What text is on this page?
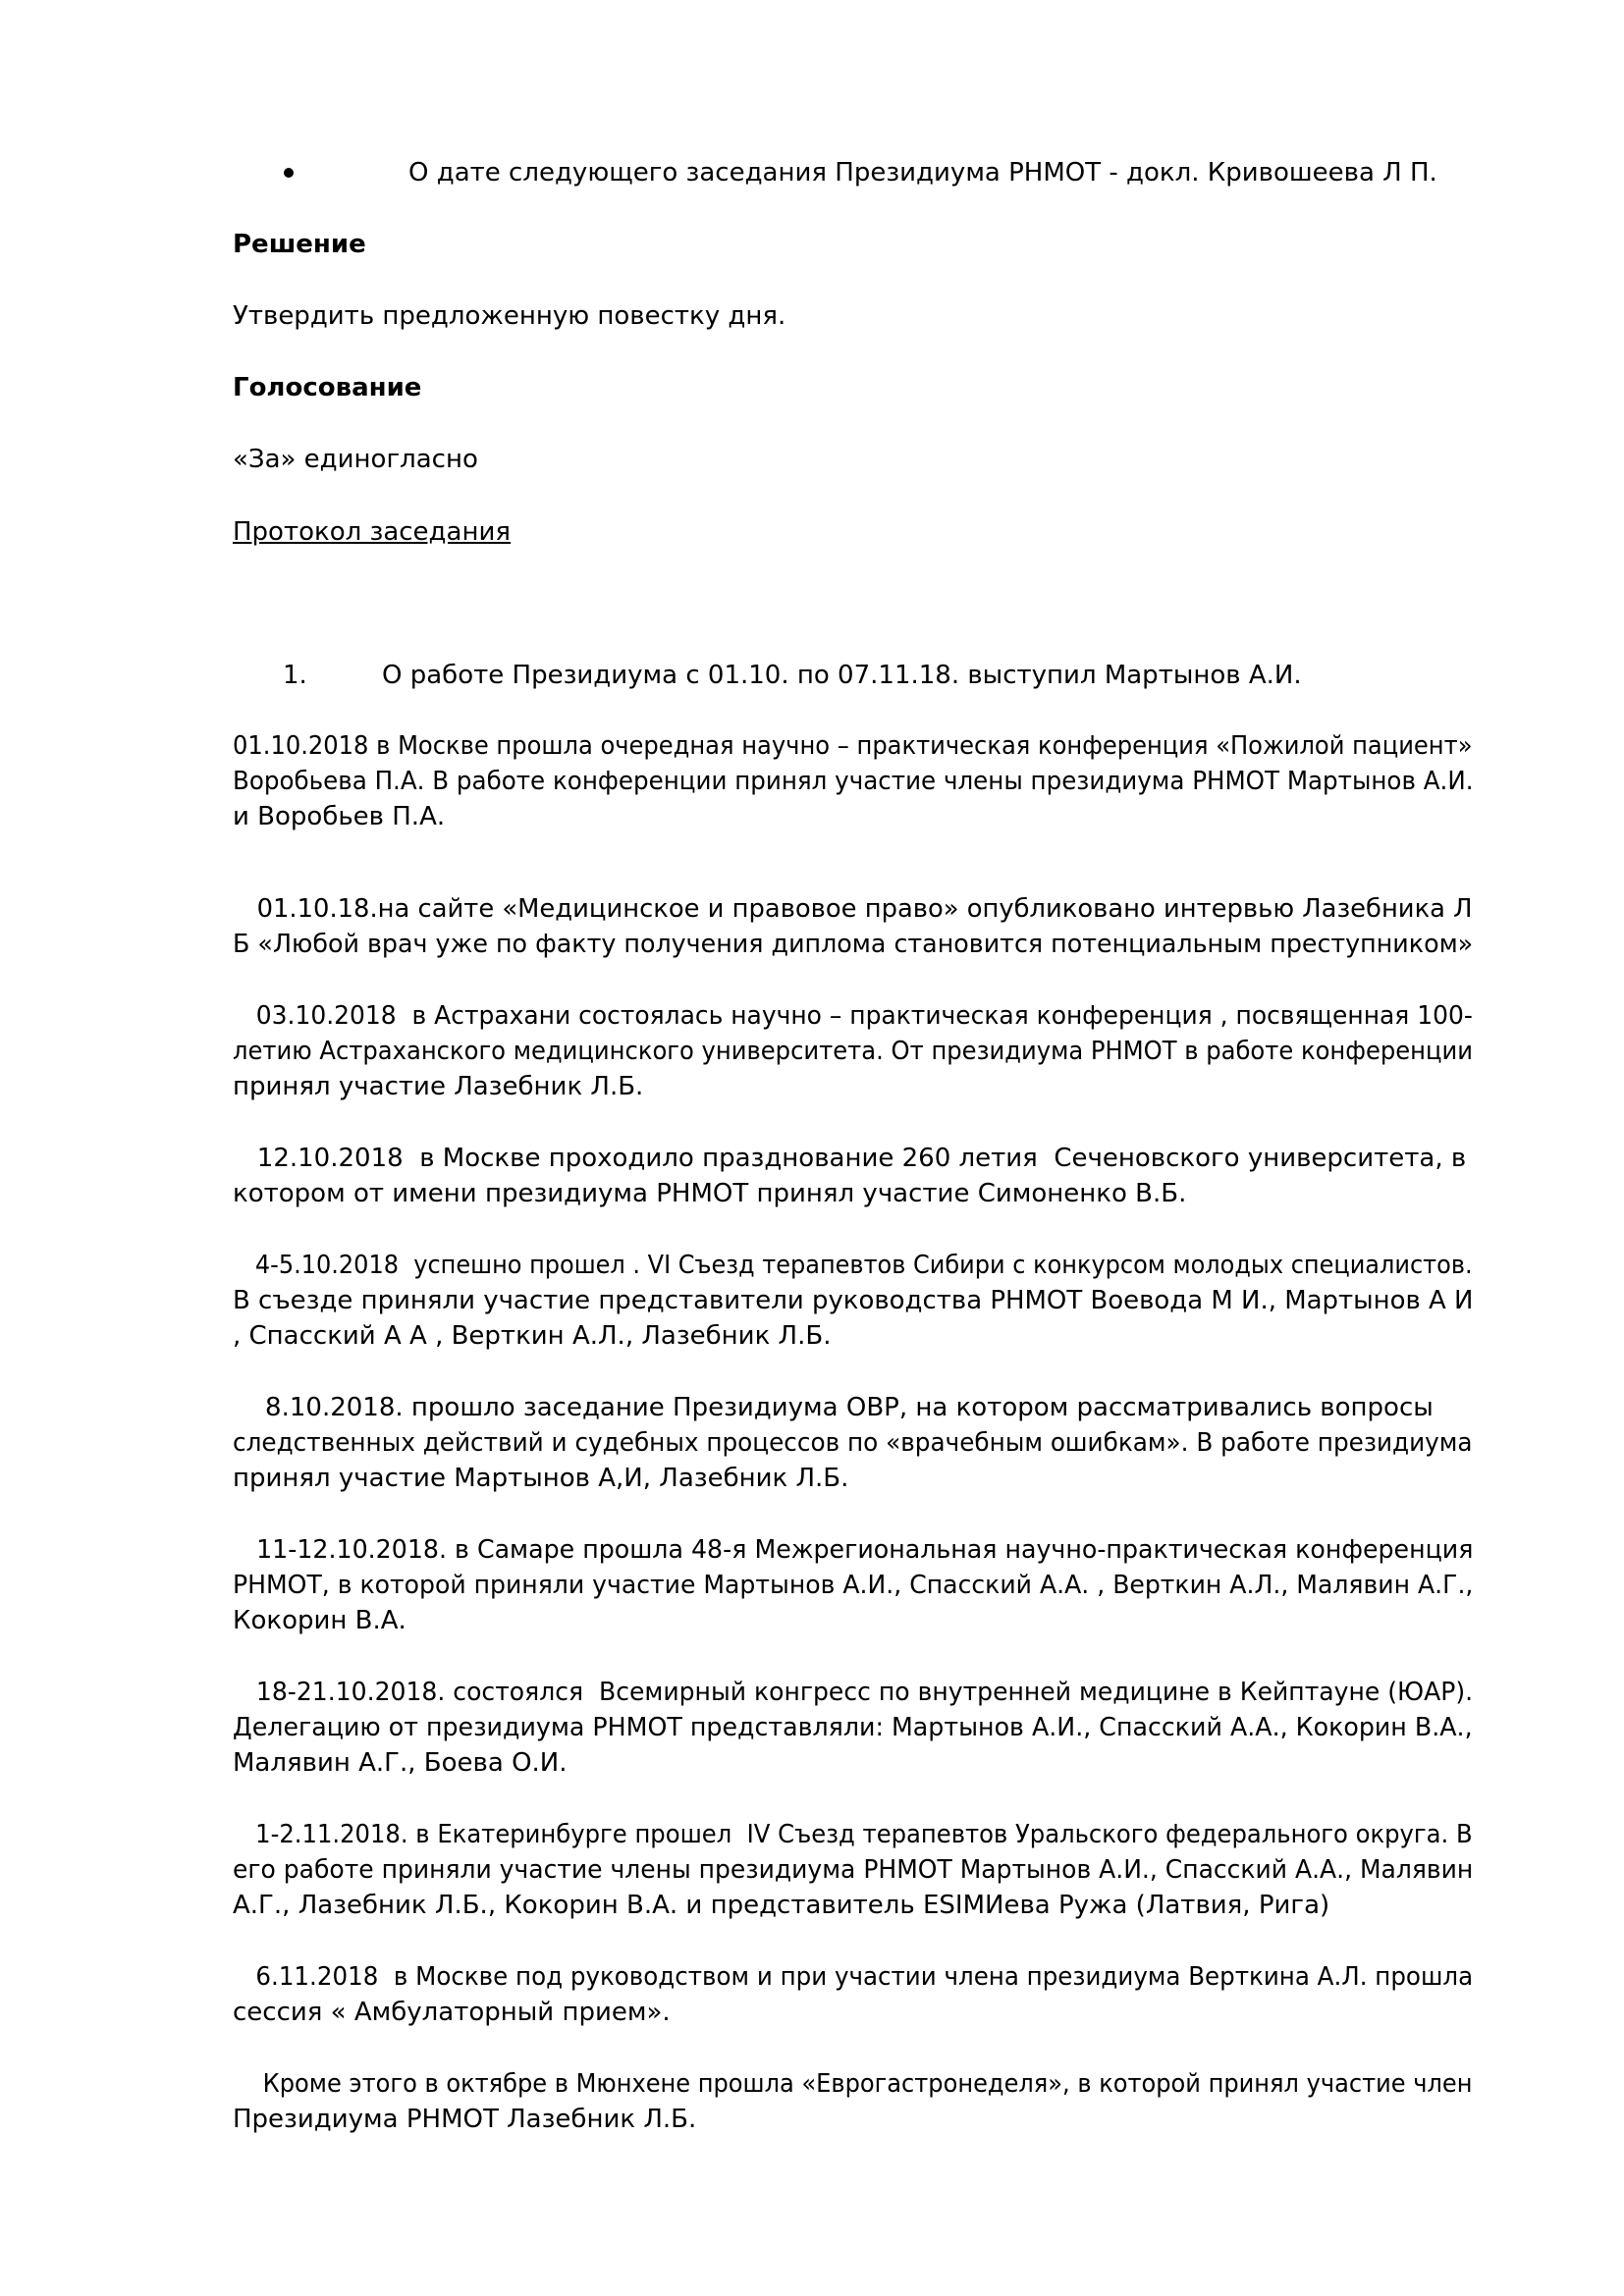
О дате следующего заседания Президиума РНМОТ - докл. Кривошеева Л П.
Решение
Утвердить предложенную повестку дня.
Голосование
«За» единогласно
Протокол заседания
1.	О работе Президиума с 01.10. по 07.11.18. выступил Мартынов А.И.
01.10.2018 в Москве прошла очередная научно – практическая конференция «Пожилой пациент»
Воробьева П.А. В работе конференции принял участие члены президиума РНМОТ Мартынов А.И.
и Воробьев П.А.
01.10.18.на сайте «Медицинское и правовое право» опубликовано интервью Лазебника Л
Б «Любой врач уже по факту получения диплома становится потенциальным преступником»
03.10.2018  в Астрахани состоялась научно – практическая конференция , посвященная 100-
летию Астраханского медицинского университета. От президиума РНМОТ в работе конференции
принял участие Лазебник Л.Б.
12.10.2018  в Москве проходило празднование 260 летия  Сеченовского университета, в
котором от имени президиума РНМОТ принял участие Симоненко В.Б.
4-5.10.2018  успешно прошел . VI Съезд терапевтов Сибири с конкурсом молодых специалистов.
В съезде приняли участие представители руководства РНМОТ Воевода М И., Мартынов А И
, Спасский А А , Верткин А.Л., Лазебник Л.Б.
8.10.2018. прошло заседание Президиума ОВР, на котором рассматривались вопросы
следственных действий и судебных процессов по «врачебным ошибкам». В работе президиума
принял участие Мартынов А,И, Лазебник Л.Б.
11-12.10.2018. в Самаре прошла 48-я Межрегиональная научно-практическая конференция
РНМОТ, в которой приняли участие Мартынов А.И., Спасский А.А. , Верткин А.Л., Малявин А.Г.,
Кокорин В.А.
18-21.10.2018. состоялся  Всемирный конгресс по внутренней медицине в Кейптауне (ЮАР).
Делегацию от президиума РНМОТ представляли: Мартынов А.И., Спасский А.А., Кокорин В.А.,
Малявин А.Г., Боева О.И.
1-2.11.2018. в Екатеринбурге прошел  IV Съезд терапевтов Уральского федерального округа. В
его работе приняли участие члены президиума РНМОТ Мартынов А.И., Спасский А.А., Малявин
А.Г., Лазебник Л.Б., Кокорин В.А. и представитель ESIMИева Ружа (Латвия, Рига)
6.11.2018  в Москве под руководством и при участии члена президиума Верткина А.Л. прошла
сессия « Амбулаторный прием».
Кроме этого в октябре в Мюнхене прошла «Еврогастронеделя», в которой принял участие член
Президиума РНМОТ Лазебник Л.Б.
